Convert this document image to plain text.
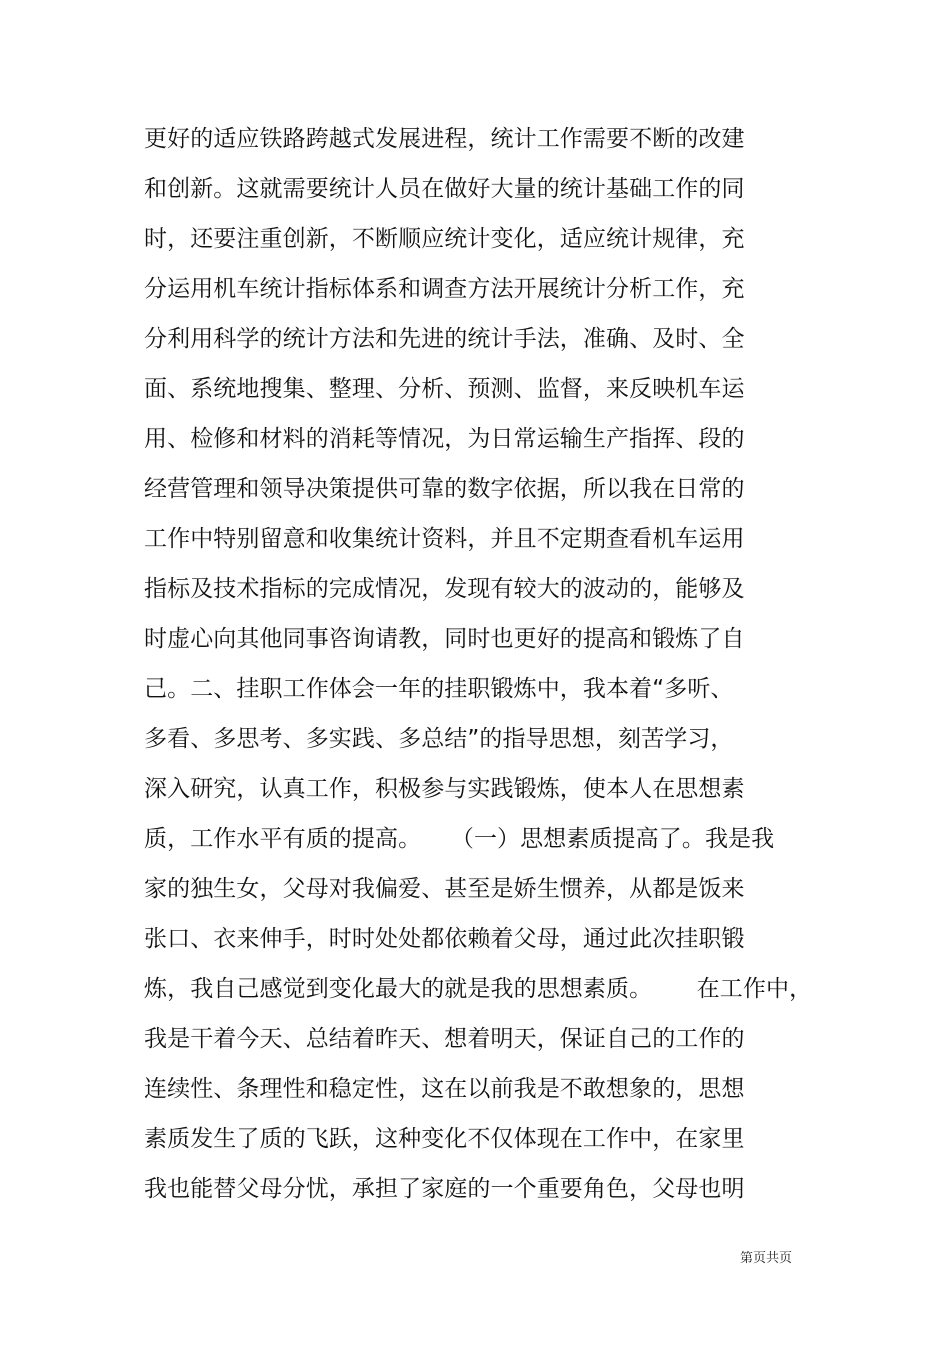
更好的适应铁路跨越式发展进程，统计工作需要不断的改建
和创新。这就需要统计人员在做好大量的统计基础工作的同
时，还要注重创新，不断顺应统计变化，适应统计规律，充
分运用机车统计指标体系和调查方法开展统计分析工作，充
分利用科学的统计方法和先进的统计手法，准确、及时、全
面、系统地搜集、整理、分析、预测、监督，来反映机车运
用、检修和材料的消耗等情况，为日常运输生产指挥、段的
经营管理和领导决策提供可靠的数字依据，所以我在日常的
工作中特别留意和收集统计资料，并且不定期查看机车运用
指标及技术指标的完成情况，发现有较大的波动的，能够及
时虚心向其他同事咨询请教，同时也更好的提高和锻炼了自
己。二、挂职工作体会一年的挂职锻炼中，我本着“多听、
多看、多思考、多实践、多总结”的指导思想，刻苦学习，
深入研究，认真工作，积极参与实践锻炼，使本人在思想素
质，工作水平有质的提高。    （一）思想素质提高了。我是我
家的独生女，父母对我偏爱、甚至是娇生惯养，从都是饭来
张口、衣来伸手，时时处处都依赖着父母，通过此次挂职锻
炼，我自己感觉到变化最大的就是我的思想素质。      在工作中，
我是干着今天、总结着昨天、想着明天，保证自己的工作的
连续性、条理性和稳定性，这在以前我是不敢想象的，思想
素质发生了质的飞跃，这种变化不仅体现在工作中，在家里
我也能替父母分忧，承担了家庭的一个重要角色，父母也明
第页共页
